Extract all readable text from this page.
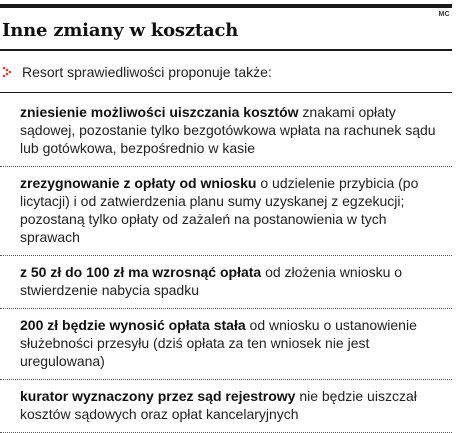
MC
Inne zmiany w kosztach
Resort sprawiedliwości proponuje także:
zniesienie możliwości uiszczania kosztów znakami opłaty sądowej, pozostanie tylko bezgotówkowa wpłata na rachunek sądu lub gotówkowa, bezpośrednio w kasie
zrezygnowanie z opłaty od wniosku o udzielenie przybicia (po licytacji) i od zatwierdzenia planu sumy uzyskanej z egzekucji; pozostaną tylko opłaty od zażaleń na postanowienia w tych sprawach
z 50 zł do 100 zł ma wzrosnąć opłata od złożenia wniosku o stwierdzenie nabycia spadku
200 zł będzie wynosić opłata stała od wniosku o ustanowienie służebności przesyłu (dziś opłata za ten wniosek nie jest uregulowana)
kurator wyznaczony przez sąd rejestrowy nie będzie uiszczał kosztów sądowych oraz opłat kancelaryjnych
